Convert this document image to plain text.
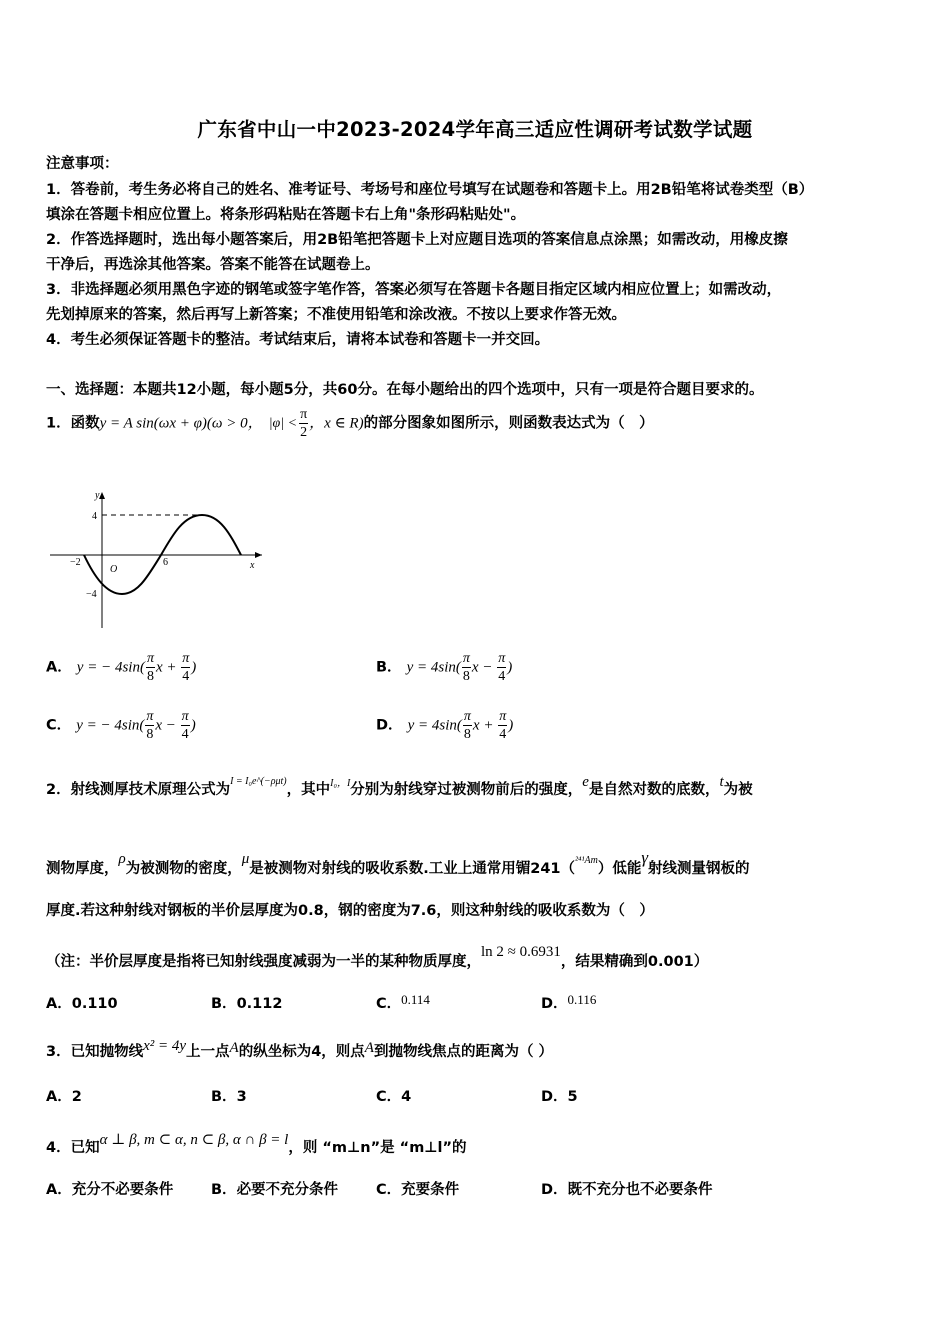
广东省中山一中2023-2024学年高三适应性调研考试数学试题
注意事项：
1．答卷前，考生务必将自己的姓名、准考证号、考场号和座位号填写在试题卷和答题卡上。用2B铅笔将试卷类型（B）
填涂在答题卡相应位置上。将条形码粘贴在答题卡右上角"条形码粘贴处"。
2．作答选择题时，选出每小题答案后，用2B铅笔把答题卡上对应题目选项的答案信息点涂黑；如需改动，用橡皮擦
干净后，再选涂其他答案。答案不能答在试题卷上。
3．非选择题必须用黑色字迹的钢笔或签字笔作答，答案必须写在答题卡各题目指定区域内相应位置上；如需改动，
先划掉原来的答案，然后再写上新答案；不准使用铅笔和涂改液。不按以上要求作答无效。
4．考生必须保证答题卡的整洁。考试结束后，请将本试卷和答题卡一并交回。
一、选择题：本题共12小题，每小题5分，共60分。在每小题给出的四个选项中，只有一项是符合题目要求的。
1．函数y = A sin(ωx + φ)(ω > 0， $|\varphi| < \frac{\pi}{2}$ ，x ∈ R)的部分图象如图所示，则函数表达式为（　）
y
x
O
4
−4
−2	6
A． y = − $4\sin( \frac{\pi}{8}$ $x + \frac{\pi}{4}$ )	B． $y = 4\sin( \frac{\pi}{8}$ $x - \frac{\pi}{4}$ )
C． y = − $4\sin( \frac{\pi}{8}$ $x - \frac{\pi}{4}$ )	D． $y = 4\sin( \frac{\pi}{8}$ $x + \frac{\pi}{4}$ )
2．射线测厚技术原理公式为$^{I = I_0e\^{}(-\rho\mu t)}$，其中$^{I_0,I}$分别为射线穿过被测物前后的强度，e是自然对数的底数，t为被
测物厚度，ρ为被测物的密度，μ是被测物对射线的吸收系数.工业上通常用镅241（$^{^{241}Am}$）低能γ射线测量钢板的
厚度.若这种射线对钢板的半价层厚度为0.8，钢的密度为7.6，则这种射线的吸收系数为（　）
（注：半价层厚度是指将已知射线强度减弱为一半的某种物质厚度，ln 2 ≈ 0.6931，结果精确到0.001）
A．0.110	B．0.112	C．0.114	D．0.116
3．已知抛物线x² = 4y上一点A的纵坐标为4，则点A到抛物线焦点的距离为（ ）
A．2	B．3	C．4	D．5
4．已知α ⊥ β, m ⊂ α, n ⊂ β, α ∩ β = l，则 “m⊥n”是 “m⊥l”的
A．充分不必要条件	B．必要不充分条件	C．充要条件	D．既不充分也不必要条件
